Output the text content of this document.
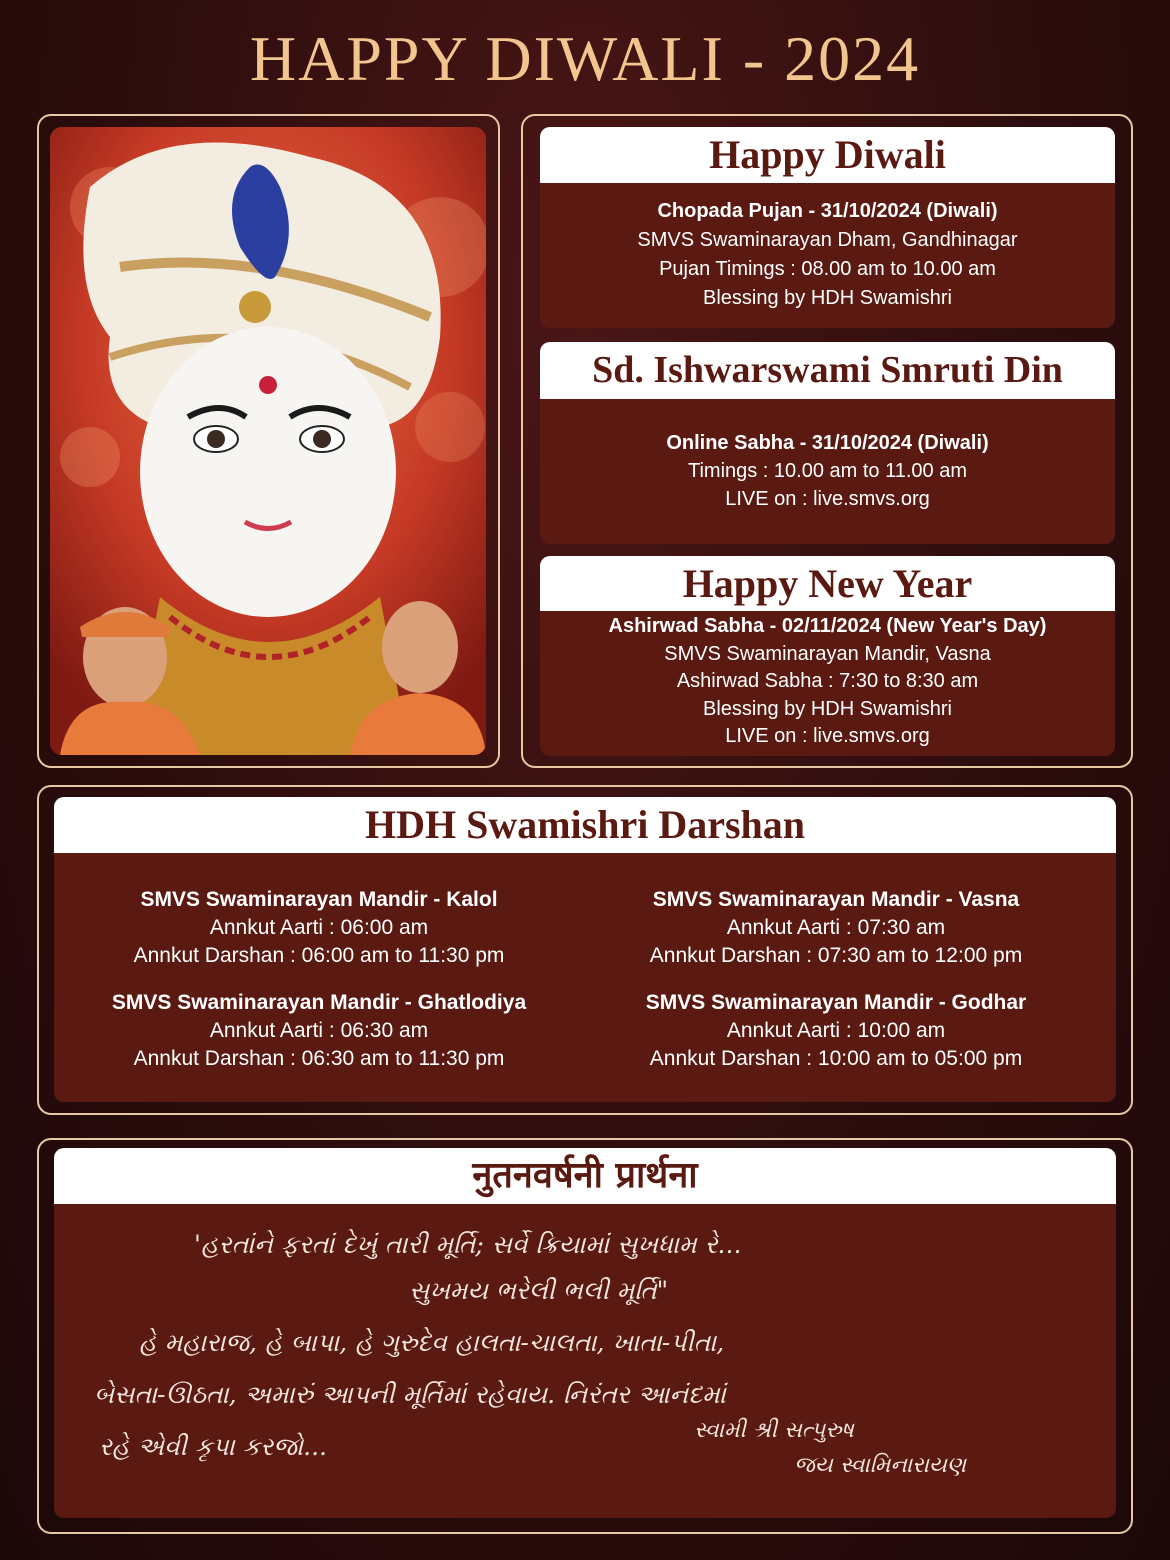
HAPPY DIWALI - 2024
Happy Diwali
Chopada Pujan - 31/10/2024 (Diwali)
SMVS Swaminarayan Dham, Gandhinagar
Pujan Timings : 08.00 am to 10.00 am
Blessing by HDH Swamishri
Sd. Ishwarswami Smruti Din
Online Sabha - 31/10/2024 (Diwali)
Timings : 10.00 am to 11.00 am
LIVE on : live.smvs.org
Happy New Year
Ashirwad Sabha - 02/11/2024 (New Year's Day)
SMVS Swaminarayan Mandir, Vasna
Ashirwad Sabha : 7:30 to 8:30 am
Blessing by HDH Swamishri
LIVE on : live.smvs.org
HDH Swamishri Darshan
SMVS Swaminarayan Mandir - Kalol
Annkut Aarti : 06:00 am
Annkut Darshan : 06:00 am to 11:30 pm
SMVS Swaminarayan Mandir - Vasna
Annkut Aarti : 07:30 am
Annkut Darshan : 07:30 am to 12:00 pm
SMVS Swaminarayan Mandir - Ghatlodiya
Annkut Aarti : 06:30 am
Annkut Darshan : 06:30 am to 11:30 pm
SMVS Swaminarayan Mandir - Godhar
Annkut Aarti : 10:00 am
Annkut Darshan : 10:00 am to 05:00 pm
नुतनवर्षनी प्रार्थना
'હરતાંને ફરતાં દેખું તારી મૂર્તિ; સર્વે ક્રિયામાં સુખધામ રે...
સુખમય ભરેલી ભલી મૂર્તિ"
હે મહારાજ, હે બાપા, હે ગુરુદેવ હાલતા-ચાલતા, ખાતા-પીતા,
બેસતા-ઊઠતા, અમારું આપની મૂર્તિમાં રહેવાય. નિરંતર આનંદમાં
રહે એવી કૃપા કરજો...
સ્વામી શ્રી સત્પુરુષ
જય સ્વામિનારાયણ
